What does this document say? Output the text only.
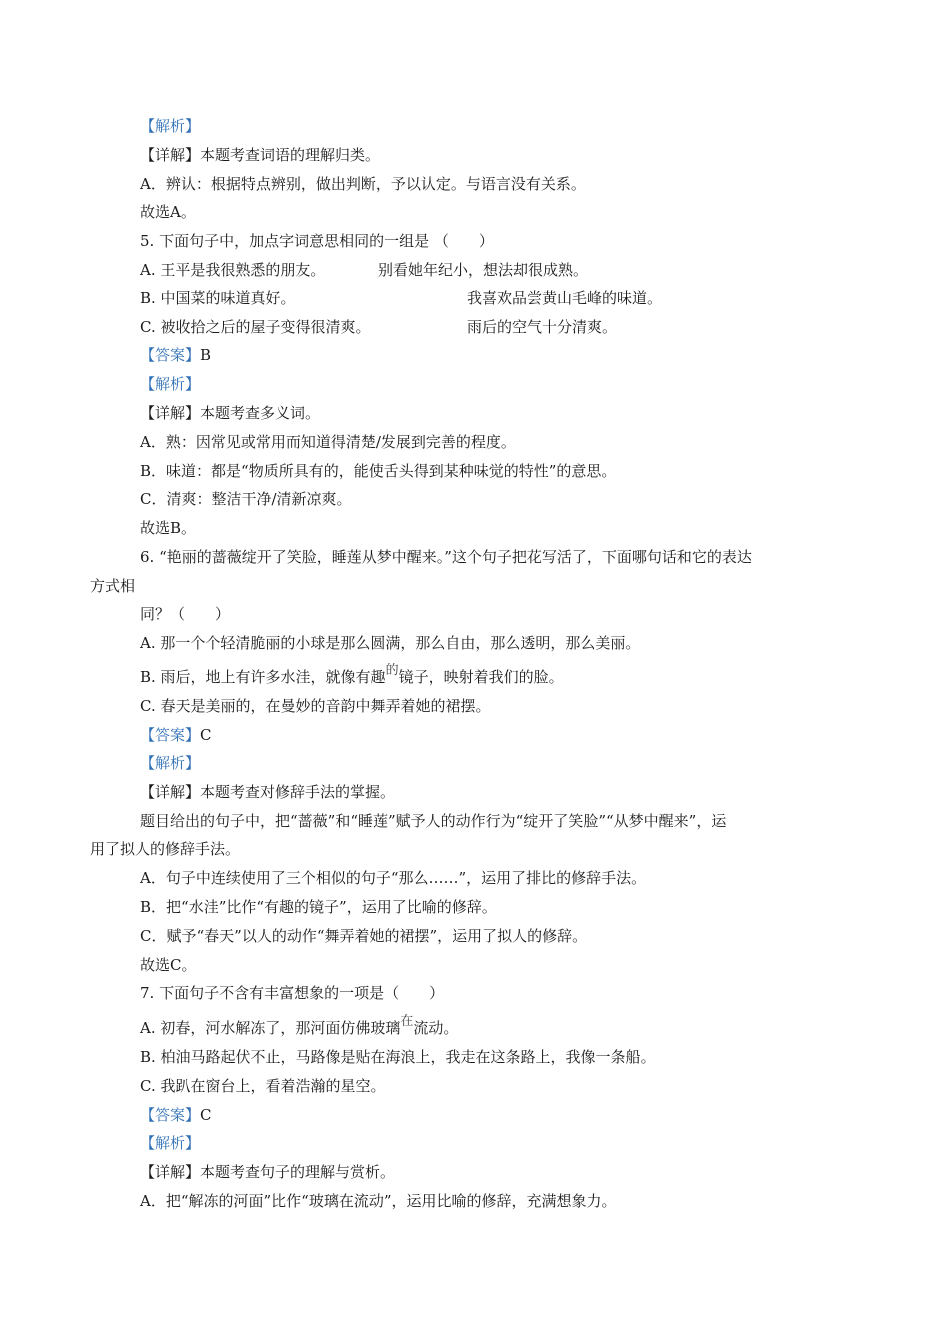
【解析】
【详解】本题考查词语的理解归类。
A．辨认：根据特点辨别，做出判断，予以认定。与语言没有关系。
故选A。
5. 下面句子中，加点字词意思相同的一组是 （　　）
A. 王平是我很熟悉的朋友。	别看她年纪小，想法却很成熟。
B. 中国菜的味道真好。	我喜欢品尝黄山毛峰的味道。
C. 被收拾之后的屋子变得很清爽。	雨后的空气十分清爽。
【答案】B
【解析】
【详解】本题考查多义词。
A．熟：因常见或常用而知道得清楚/发展到完善的程度。
B．味道：都是“物质所具有的，能使舌头得到某种味觉的特性”的意思。
C．清爽：整洁干净/清新凉爽。
故选B。
6. “艳丽的蔷薇绽开了笑脸，睡莲从梦中醒来。”这个句子把花写活了，下面哪句话和它的表达
方式相
同？（　　）
A. 那一个个轻清脆丽的小球是那么圆满，那么自由，那么透明，那么美丽。
B. 雨后，地上有许多水洼，就像有趣的镜子，映射着我们的脸。
C. 春天是美丽的，在曼妙的音韵中舞弄着她的裙摆。
【答案】C
【解析】
【详解】本题考查对修辞手法的掌握。
题目给出的句子中，把“蔷薇”和“睡莲”赋予人的动作行为“绽开了笑脸”“从梦中醒来”，运
用了拟人的修辞手法。
A．句子中连续使用了三个相似的句子“那么……”，运用了排比的修辞手法。
B．把“水洼”比作“有趣的镜子”，运用了比喻的修辞。
C．赋予“春天”以人的动作“舞弄着她的裙摆”，运用了拟人的修辞。
故选C。
7. 下面句子不含有丰富想象的一项是（　　）
A. 初春，河水解冻了，那河面仿佛玻璃在流动。
B. 柏油马路起伏不止，马路像是贴在海浪上，我走在这条路上，我像一条船。
C. 我趴在窗台上，看着浩瀚的星空。
【答案】C
【解析】
【详解】本题考查句子的理解与赏析。
A．把“解冻的河面”比作“玻璃在流动”，运用比喻的修辞，充满想象力。
